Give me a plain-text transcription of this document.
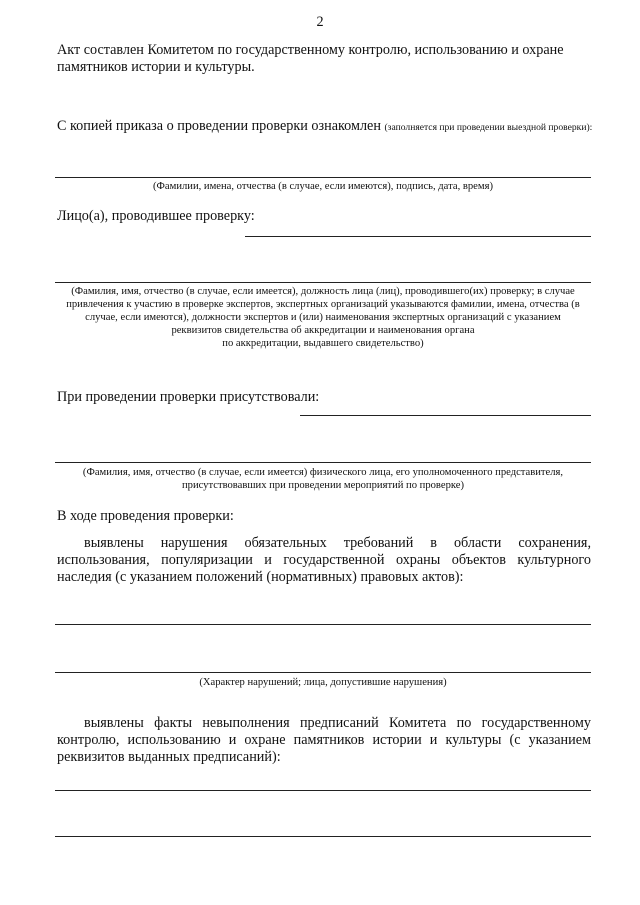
2
Акт составлен Комитетом по государственному контролю, использованию и охране памятников истории и культуры.
С копией приказа о проведении проверки ознакомлен (заполняется при проведении выездной проверки):
(Фамилии, имена, отчества (в случае, если имеются), подпись, дата, время)
Лицо(а), проводившее проверку:
(Фамилия, имя, отчество (в случае, если имеется), должность лица (лиц), проводившего(их) проверку; в случае
привлечения к участию в проверке экспертов, экспертных организаций указываются фамилии, имена, отчества (в
случае, если имеются), должности экспертов и (или) наименования экспертных организаций с указанием
реквизитов свидетельства об аккредитации и наименования органа
по аккредитации, выдавшего свидетельство)
При проведении проверки присутствовали:
(Фамилия, имя, отчество (в случае, если имеется) физического лица, его уполномоченного представителя,
присутствовавших при проведении мероприятий по проверке)
В ходе проведения проверки:
выявлены нарушения обязательных требований в области сохранения, использования, популяризации и государственной охраны объектов культурного наследия (с указанием положений (нормативных) правовых актов):
(Характер нарушений; лица, допустившие нарушения)
выявлены факты невыполнения предписаний Комитета по государственному контролю, использованию и охране памятников истории и культуры (с указанием реквизитов выданных предписаний):
